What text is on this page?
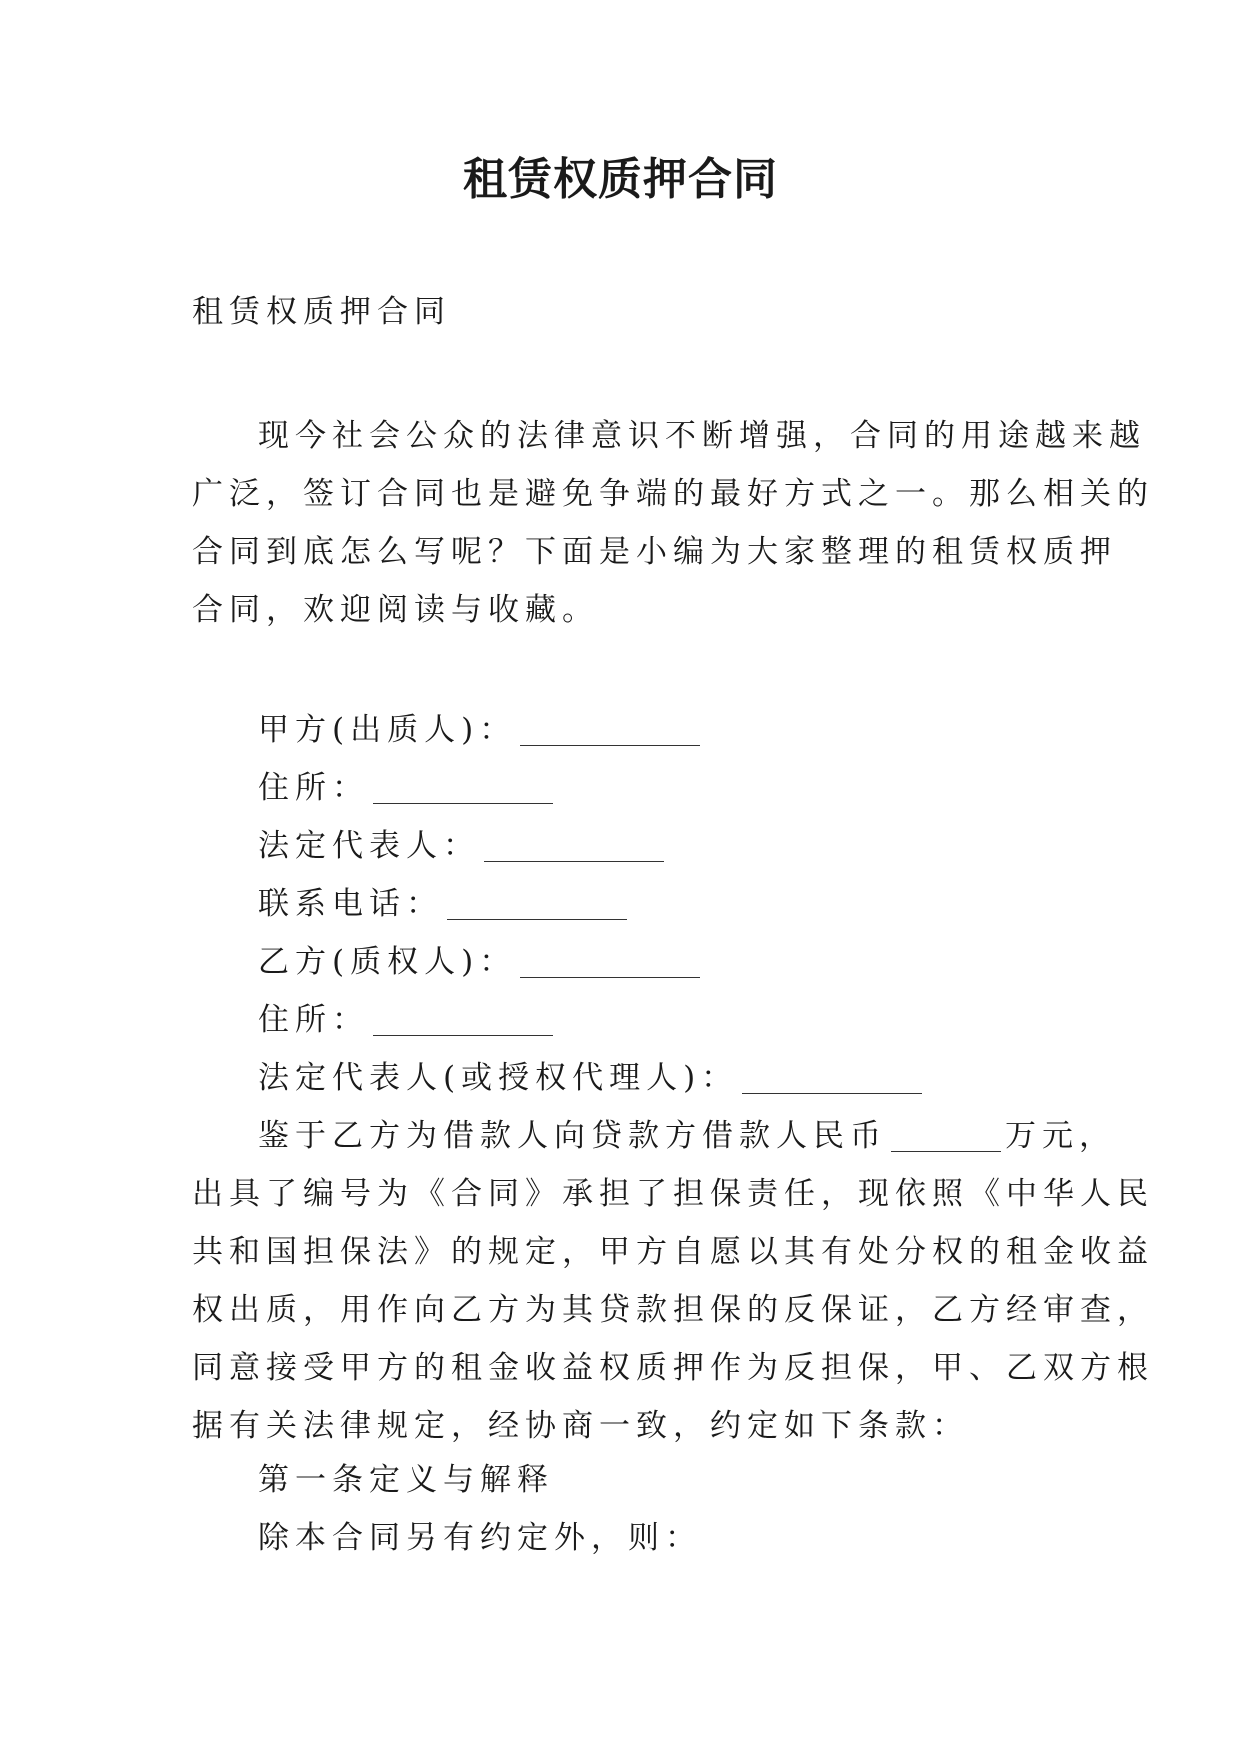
租赁权质押合同

租赁权质押合同

现今社会公众的法律意识不断增强，合同的用途越来越
广泛，签订合同也是避免争端的最好方式之一。那么相关的
合同到底怎么写呢？下面是小编为大家整理的租赁权质押
合同，欢迎阅读与收藏。
甲方(出质人)：
住所：
法定代表人：
联系电话：
乙方(质权人)：
住所：
法定代表人(或授权代理人)：
鉴于乙方为借款人向贷款方借款人民币	万元，
出具了编号为《合同》承担了担保责任，现依照《中华人民
共和国担保法》的规定，甲方自愿以其有处分权的租金收益
权出质，用作向乙方为其贷款担保的反保证，乙方经审查，
同意接受甲方的租金收益权质押作为反担保，甲、乙双方根
据有关法律规定，经协商一致，约定如下条款：
第一条定义与解释
除本合同另有约定外，则：
